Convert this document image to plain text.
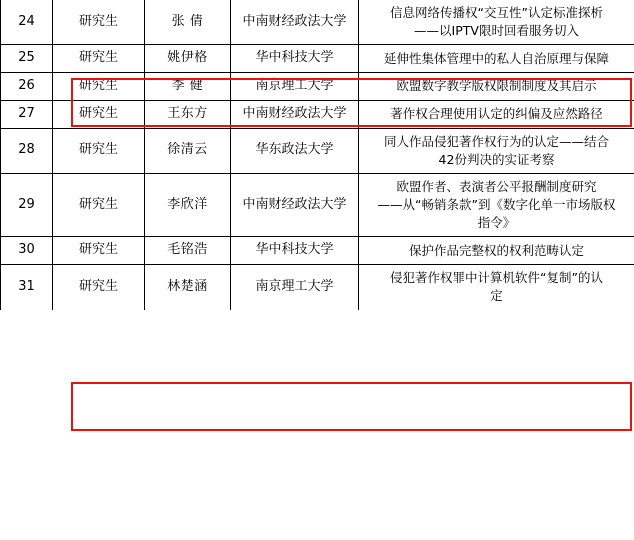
24	研究生	张 倩	中南财经政法大学	信息网络传播权“交互性”认定标准探析
——以IPTV限时回看服务切入

25	研究生	姚伊格	华中科技大学	延伸性集体管理中的私人自治原理与保障

26	研究生	李 健	南京理工大学	欧盟数字教学版权限制制度及其启示

27	研究生	王东方	中南财经政法大学	著作权合理使用认定的纠偏及应然路径

28	研究生	徐清云	华东政法大学	同人作品侵犯著作权行为的认定——结合
42份判决的实证考察

29	研究生	李欣洋	中南财经政法大学	欧盟作者、表演者公平报酬制度研究
——从“畅销条款”到《数字化单一市场版权
指令》

30	研究生	毛铭浩	华中科技大学	保护作品完整权的权利范畴认定

31	研究生	林楚涵	南京理工大学	侵犯著作权罪中计算机软件“复制”的认
定
